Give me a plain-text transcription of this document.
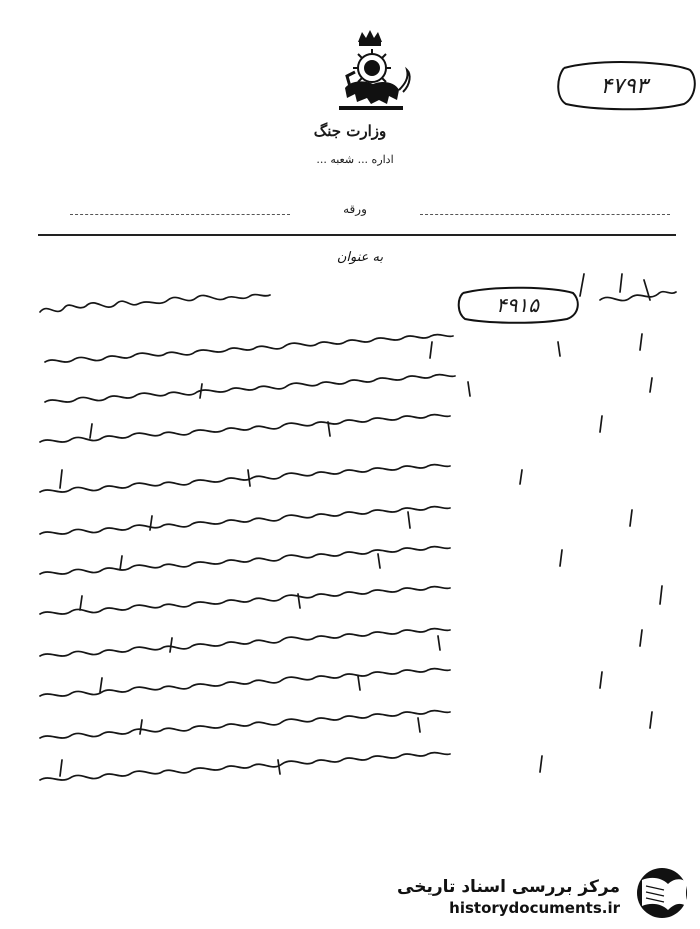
۴۷۹۳
وزارت جنگ
اداره ... شعبه ...
ورقه
به عنوان
۴۹۱۵
مرکز بررسی اسناد تاریخی
historydocuments.ir
